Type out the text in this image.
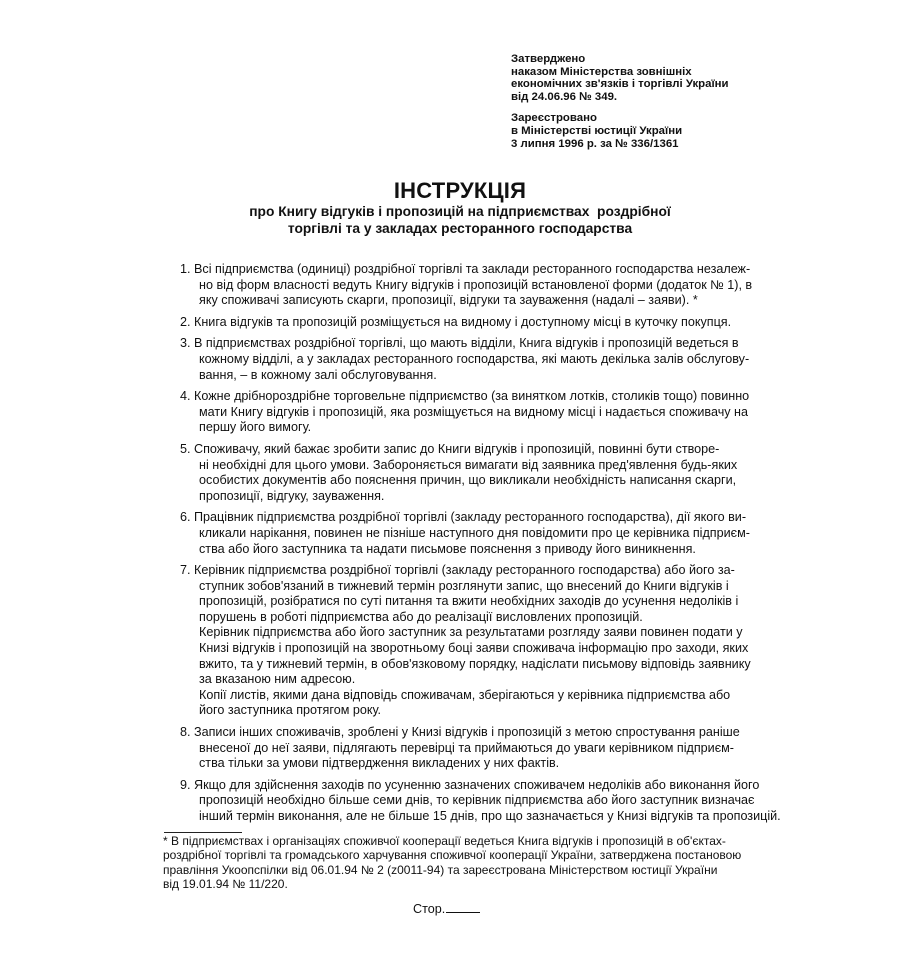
Затверджено
наказом Міністерства зовнішніх
економічних зв'язків і торгівлі України
від 24.06.96 № 349.
Зареєстровано
в Міністерстві юстиції України
3 липня 1996 р. за № 336/1361
ІНСТРУКЦІЯ
про Книгу відгуків і пропозицій на підприємствах  роздрібної
торгівлі та у закладах ресторанного господарства
1. Всі підприємства (одиниці) роздрібної торгівлі та заклади ресторанного господарства незалеж-
но від форм власності ведуть Книгу відгуків і пропозицій встановленої форми (додаток № 1), в
яку споживачі записують скарги, пропозиції, відгуки та зауваження (надалі – заяви). *
2. Книга відгуків та пропозицій розміщується на видному і доступному місці в куточку покупця.
3. В підприємствах роздрібної торгівлі, що мають відділи, Книга відгуків і пропозицій ведеться в
кожному відділі, а у закладах ресторанного господарства, які мають декілька залів обслугову-
вання, – в кожному залі обслуговування.
4. Кожне дрібнороздрібне торговельне підприємство (за винятком лотків, столиків тощо) повинно
мати Книгу відгуків і пропозицій, яка розміщується на видному місці і надається споживачу на
першу його вимогу.
5. Споживачу, який бажає зробити запис до Книги відгуків і пропозицій, повинні бути створе-
ні необхідні для цього умови. Забороняється вимагати від заявника пред'явлення будь-яких
особистих документів або пояснення причин, що викликали необхідність написання скарги,
пропозиції, відгуку, зауваження.
6. Працівник підприємства роздрібної торгівлі (закладу ресторанного господарства), дії якого ви-
кликали нарікання, повинен не пізніше наступного дня повідомити про це керівника підприєм-
ства або його заступника та надати письмове пояснення з приводу його виникнення.
7. Керівник підприємства роздрібної торгівлі (закладу ресторанного господарства) або його за-
ступник зобов'язаний в тижневий термін розглянути запис, що внесений до Книги відгуків і
пропозицій, розібратися по суті питання та вжити необхідних заходів до усунення недоліків і
порушень в роботі підприємства або до реалізації висловлених пропозицій.
Керівник підприємства або його заступник за результатами розгляду заяви повинен подати у
Книзі відгуків і пропозицій на зворотньому боці заяви споживача інформацію про заходи, яких
вжито, та у тижневий термін, в обов'язковому порядку, надіслати письмову відповідь заявнику
за вказаною ним адресою.
Копії листів, якими дана відповідь споживачам, зберігаються у керівника підприємства або
його заступника протягом року.
8. Записи інших споживачів, зроблені у Книзі відгуків і пропозицій з метою спростування раніше
внесеної до неї заяви, підлягають перевірці та приймаються до уваги керівником підприєм-
ства тільки за умови підтвердження викладених у них фактів.
9. Якщо для здійснення заходів по усуненню зазначених споживачем недоліків або виконання його
пропозицій необхідно більше семи днів, то керівник підприємства або його заступник визначає
інший термін виконання, але не більше 15 днів, про що зазначається у Книзі відгуків та пропозицій.
* В підприємствах і організаціях споживчої кооперації ведеться Книга відгуків і пропозицій в об'єктах-
роздрібної торгівлі та громадського харчування споживчої кооперації України, затверджена постановою
правління Укоопспілки від 06.01.94 № 2 (z0011-94) та зареєстрована Міністерством юстиції України
від 19.01.94 № 11/220.
Стор.
